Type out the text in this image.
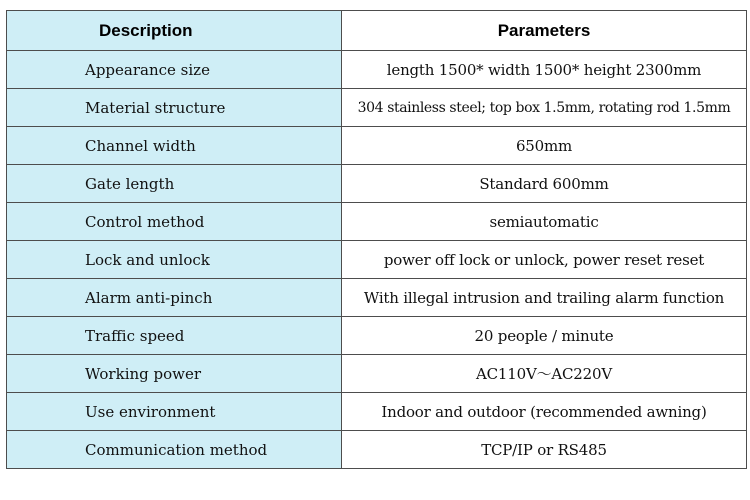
Description	Parameters
Appearance size	length 1500* width 1500* height 2300mm
Material structure	304 stainless steel; top box 1.5mm, rotating rod 1.5mm
Channel width	650mm
Gate length	Standard 600mm
Control method	semiautomatic
Lock and unlock	power off lock or unlock, power reset reset
Alarm anti-pinch	With illegal intrusion and trailing alarm function
Traffic speed	20 people / minute
Working power	AC110V～AC220V
Use environment	Indoor and outdoor (recommended awning)
Communication method	TCP/IP or RS485
